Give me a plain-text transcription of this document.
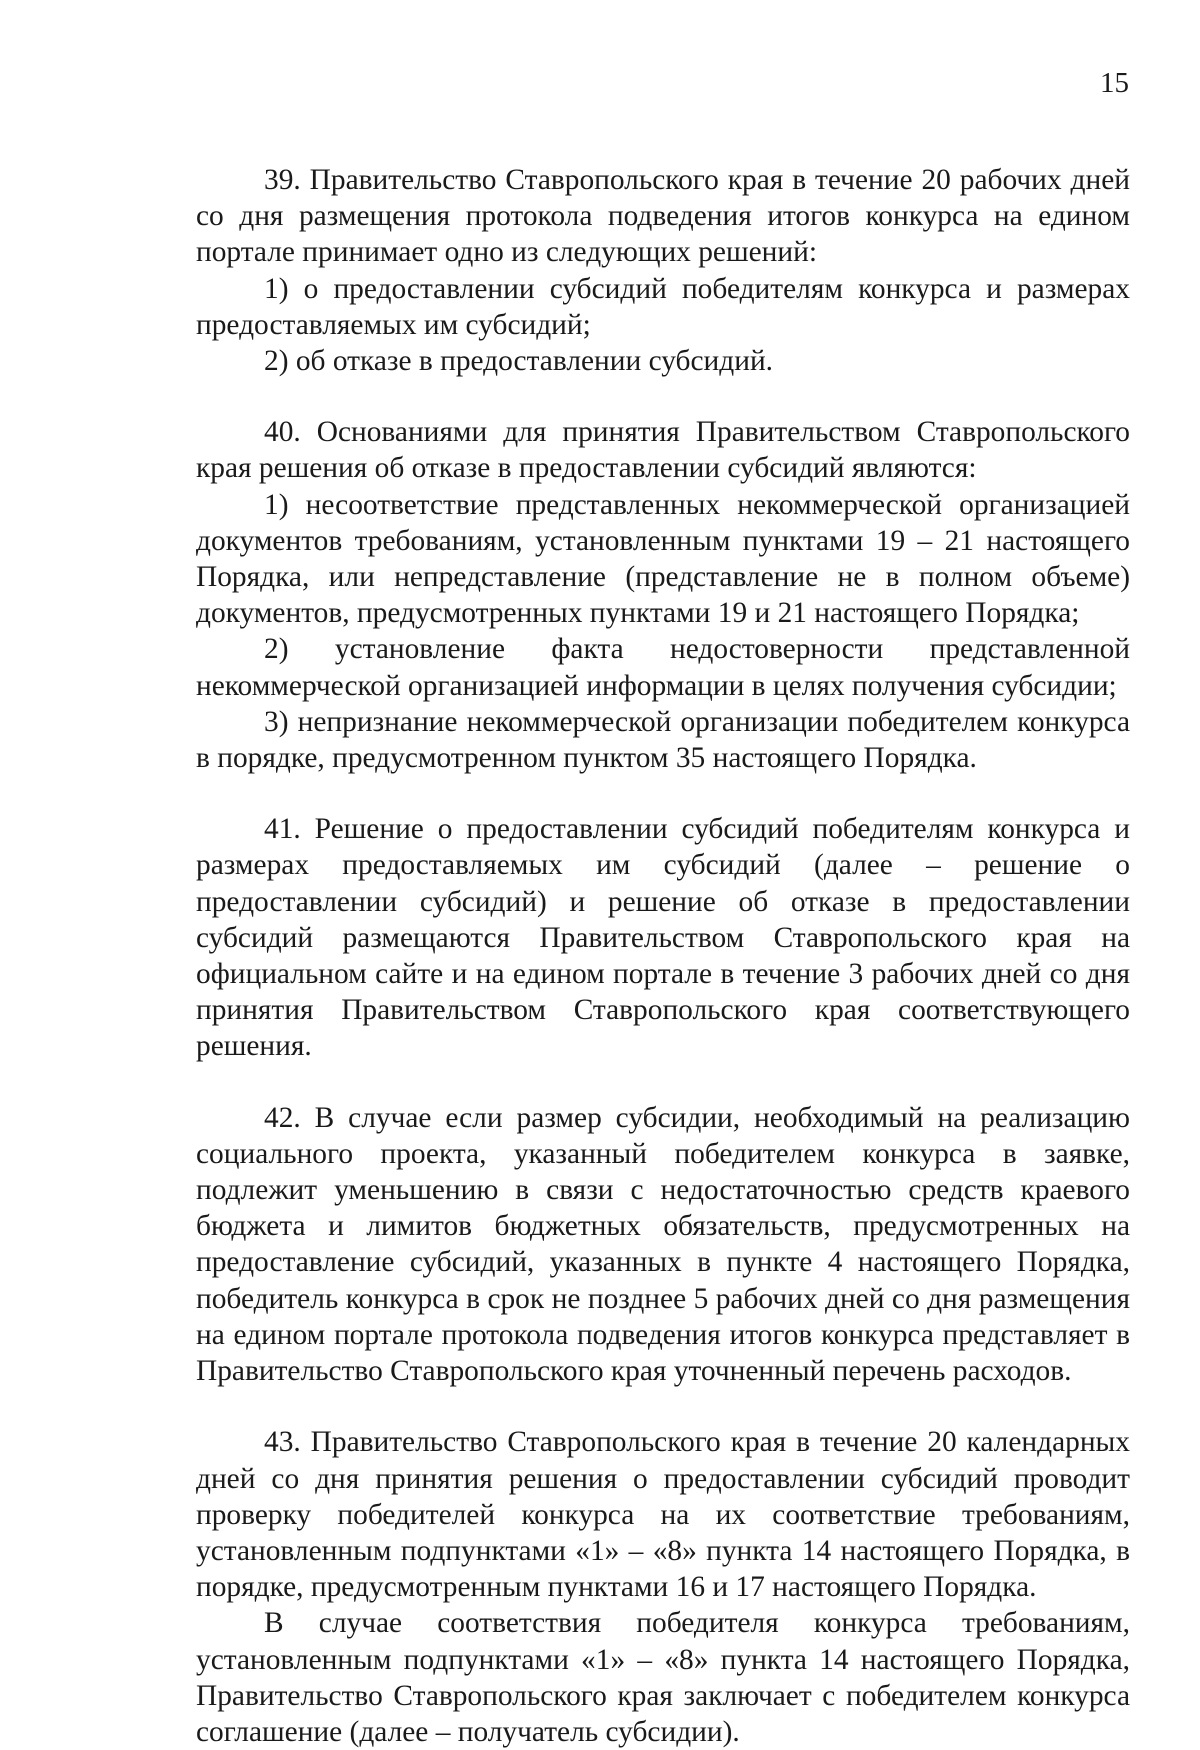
15

39. Правительство Ставропольского края в течение 20 рабочих дней со дня размещения протокола подведения итогов конкурса на едином портале принимает одно из следующих решений:

1) о предоставлении субсидий победителям конкурса и размерах предоставляемых им субсидий;

2) об отказе в предоставлении субсидий.

40. Основаниями для принятия Правительством Ставропольского края решения об отказе в предоставлении субсидий являются:

1) несоответствие представленных некоммерческой организацией документов требованиям, установленным пунктами 19 – 21 настоящего Порядка, или непредставление (представление не в полном объеме) документов, предусмотренных пунктами 19 и 21 настоящего Порядка;

2) установление факта недостоверности представленной некоммерческой организацией информации в целях получения субсидии;

3) непризнание некоммерческой организации победителем конкурса в порядке, предусмотренном пунктом 35 настоящего Порядка.

41. Решение о предоставлении субсидий победителям конкурса и размерах предоставляемых им субсидий (далее – решение о предоставлении субсидий) и решение об отказе в предоставлении субсидий размещаются Правительством Ставропольского края на официальном сайте и на едином портале в течение 3 рабочих дней со дня принятия Правительством Ставропольского края соответствующего решения.

42. В случае если размер субсидии, необходимый на реализацию социального проекта, указанный победителем конкурса в заявке, подлежит уменьшению в связи с недостаточностью средств краевого бюджета и лимитов бюджетных обязательств, предусмотренных на предоставление субсидий, указанных в пункте 4 настоящего Порядка, победитель конкурса в срок не позднее 5 рабочих дней со дня размещения на едином портале протокола подведения итогов конкурса представляет в Правительство Ставропольского края уточненный перечень расходов.

43. Правительство Ставропольского края в течение 20 календарных дней со дня принятия решения о предоставлении субсидий проводит проверку победителей конкурса на их соответствие требованиям, установленным подпунктами «1» – «8» пункта 14 настоящего Порядка, в порядке, предусмотренным пунктами 16 и 17 настоящего Порядка.

В случае соответствия победителя конкурса требованиям, установленным подпунктами «1» – «8» пункта 14 настоящего Порядка, Правительство Ставропольского края заключает с победителем конкурса соглашение (далее – получатель субсидии).
